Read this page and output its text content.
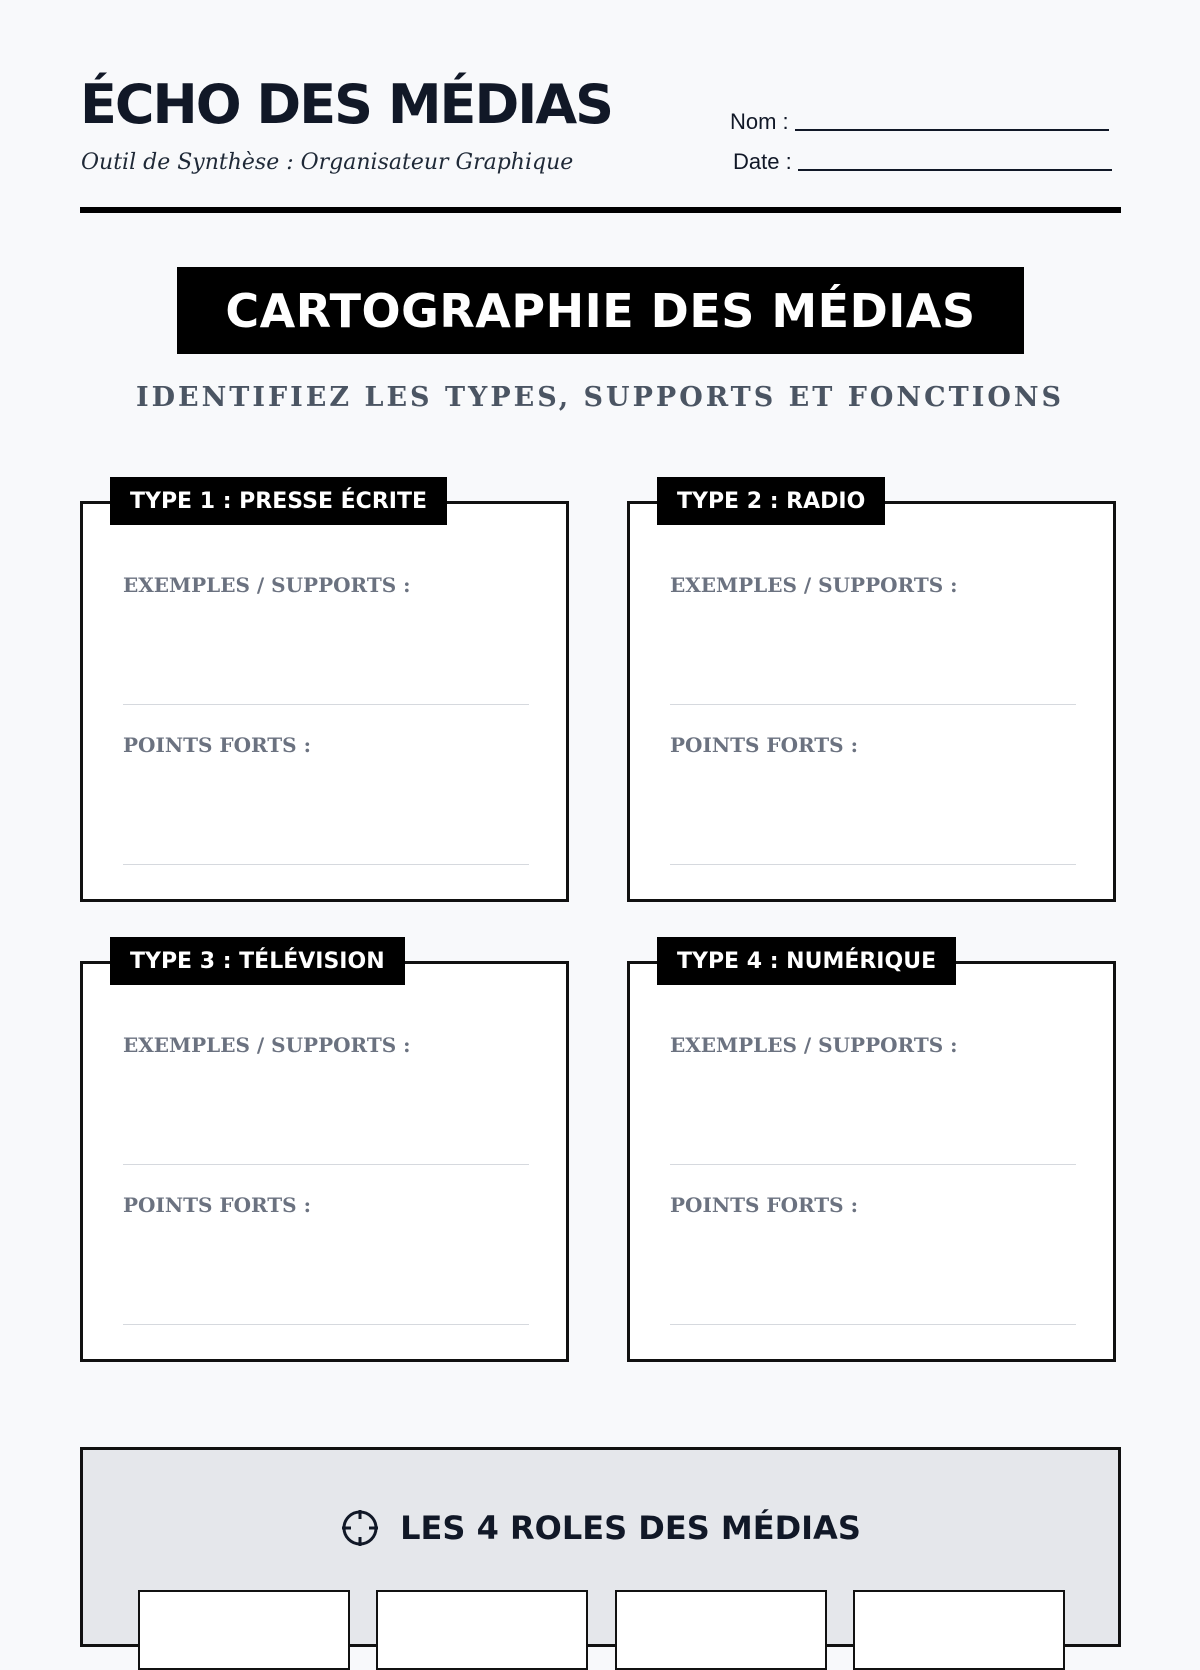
ÉCHO DES MÉDIAS
Outil de Synthèse : Organisateur Graphique
Nom :
Date :
CARTOGRAPHIE DES MÉDIAS
IDENTIFIEZ LES TYPES, SUPPORTS ET FONCTIONS
TYPE 1 : PRESSE ÉCRITE
EXEMPLES / SUPPORTS :
POINTS FORTS :
TYPE 2 : RADIO
EXEMPLES / SUPPORTS :
POINTS FORTS :
TYPE 3 : TÉLÉVISION
EXEMPLES / SUPPORTS :
POINTS FORTS :
TYPE 4 : NUMÉRIQUE
EXEMPLES / SUPPORTS :
POINTS FORTS :
LES 4 ROLES DES MÉDIAS
